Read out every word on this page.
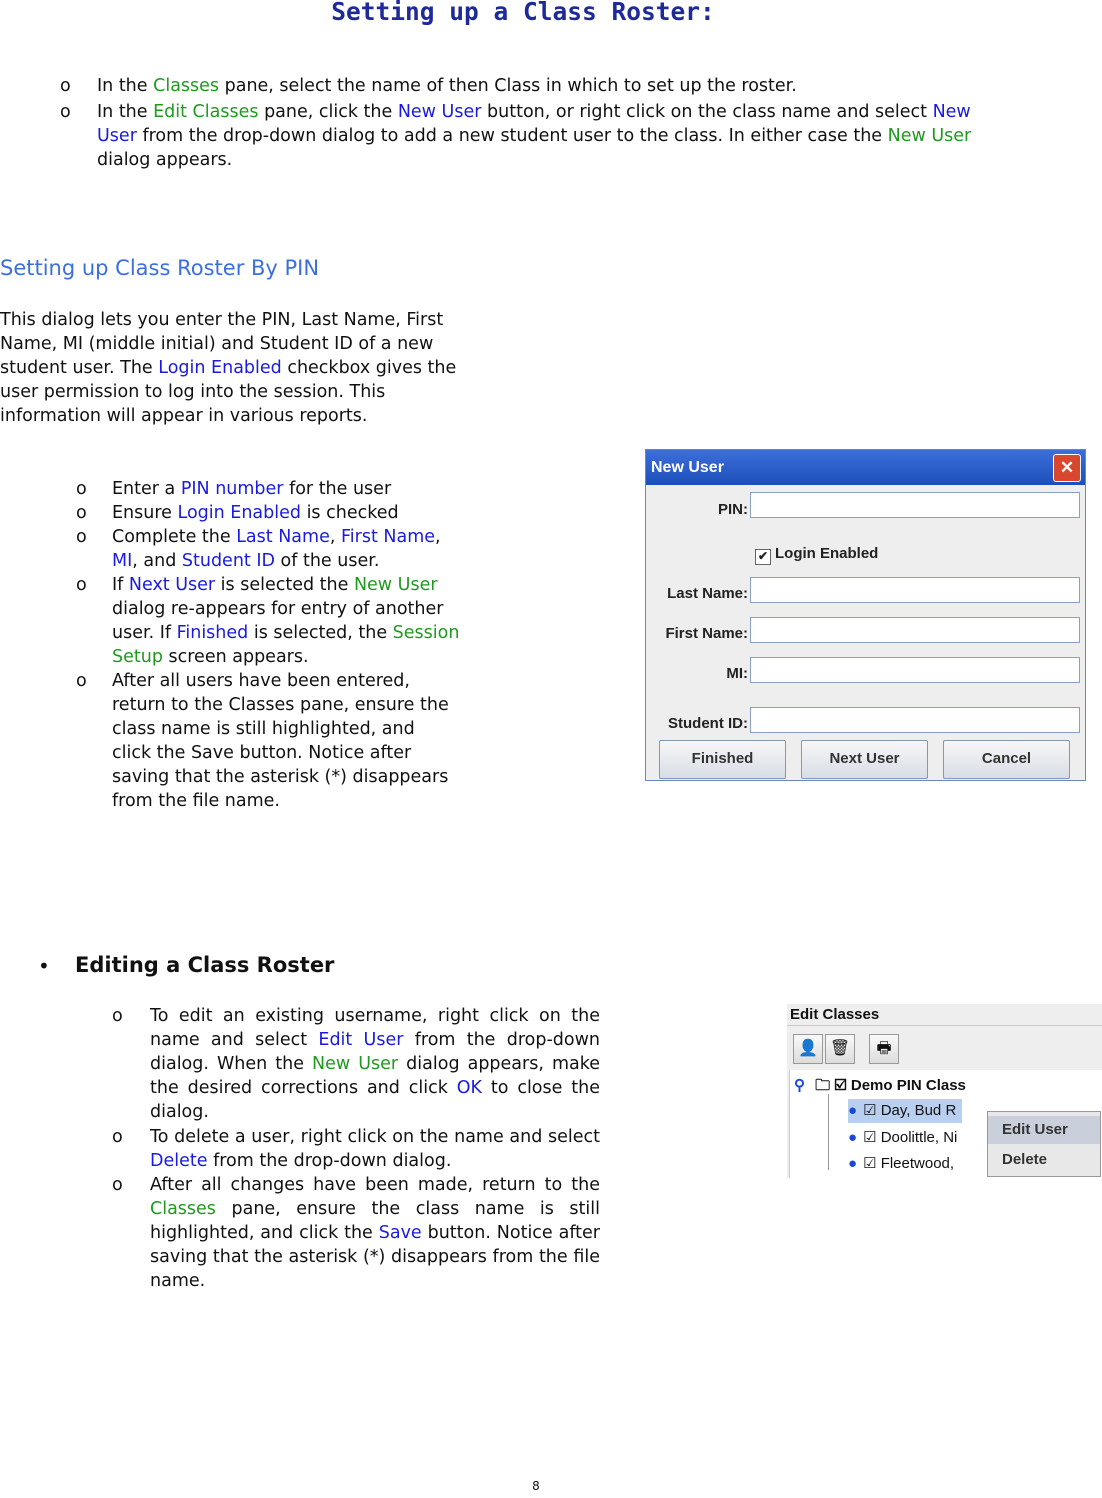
Setting up a Class Roster:
o In the Classes pane, select the name of then Class in which to set up the roster.
o In the Edit Classes pane, click the New User button, or right click on the class name and select New
User from the drop-down dialog to add a new student user to the class. In either case the New User
dialog appears.
Setting up Class Roster By PIN
This dialog lets you enter the PIN, Last Name, First
Name, MI (middle initial) and Student ID of a new
student user. The Login Enabled checkbox gives the
user permission to log into the session. This
information will appear in various reports.
o	Enter a PIN number for the user
o	Ensure Login Enabled is checked
o	Complete the Last Name, First Name,
MI, and Student ID of the user.
o	If Next User is selected the New User
dialog re-appears for entry of another
user. If Finished is selected, the Session
Setup screen appears.
o	After all users have been entered,
return to the Classes pane, ensure the
class name is still highlighted, and
click the Save button. Notice after
saving that the asterisk (*) disappears
from the file name.
New User	✕
PIN:
✔ Login Enabled
Last Name:
First Name:
MI:
Student ID:
Finished	Next User	Cancel
• Editing a Class Roster
o To edit an existing username, right click on the name and select Edit User from the drop-down dialog. When the New User dialog appears, make the desired corrections and click OK to close the dialog.
o To delete a user, right click on the name and select Delete from the drop-down dialog.
o After all changes have been made, return to the Classes pane, ensure the class name is still highlighted, and click the Save button. Notice after saving that the asterisk (*) disappears from the file name.
Edit Classes
👤 🗑	🖶
⚲ 🗀 ☑ Demo PIN Class
● ☑ Day, Bud R
● ☑ Doolittle, Ni
● ☑ Fleetwood,
Edit User
Delete
8
